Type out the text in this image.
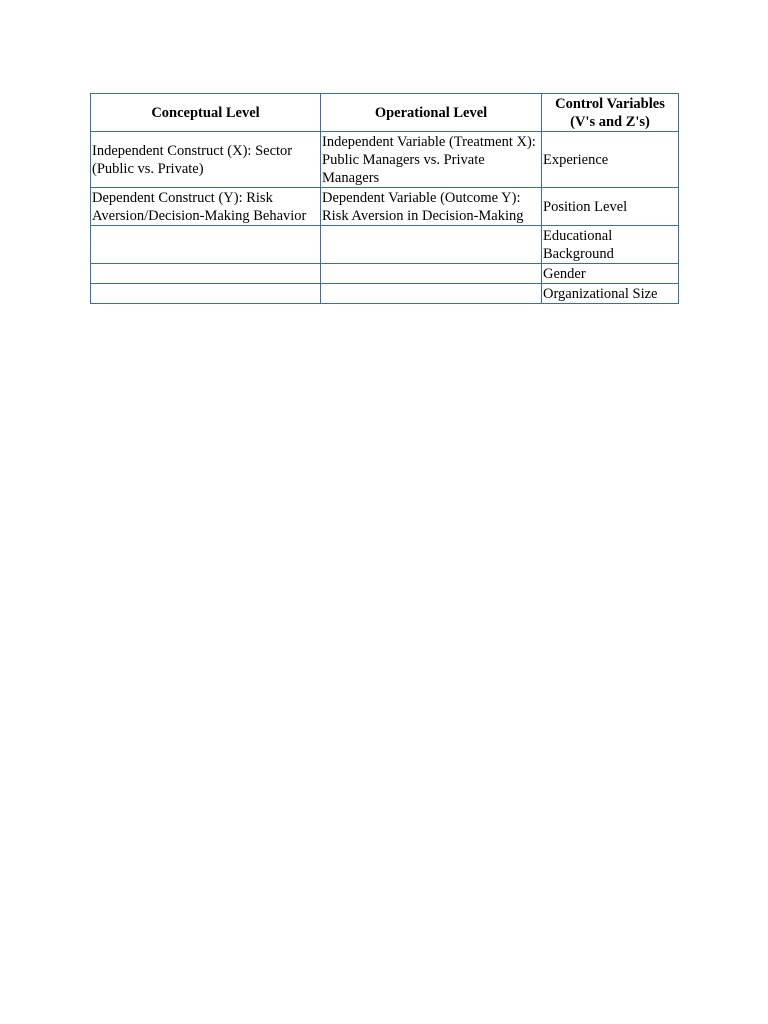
Conceptual Level	Operational Level	Control Variables (V's and Z's)
Independent Construct (X): Sector (Public vs. Private)	Independent Variable (Treatment X): Public Managers vs. Private Managers	Experience
Dependent Construct (Y): Risk Aversion/Decision-Making Behavior	Dependent Variable (Outcome Y): Risk Aversion in Decision-Making	Position Level
		Educational Background
		Gender
		Organizational Size
